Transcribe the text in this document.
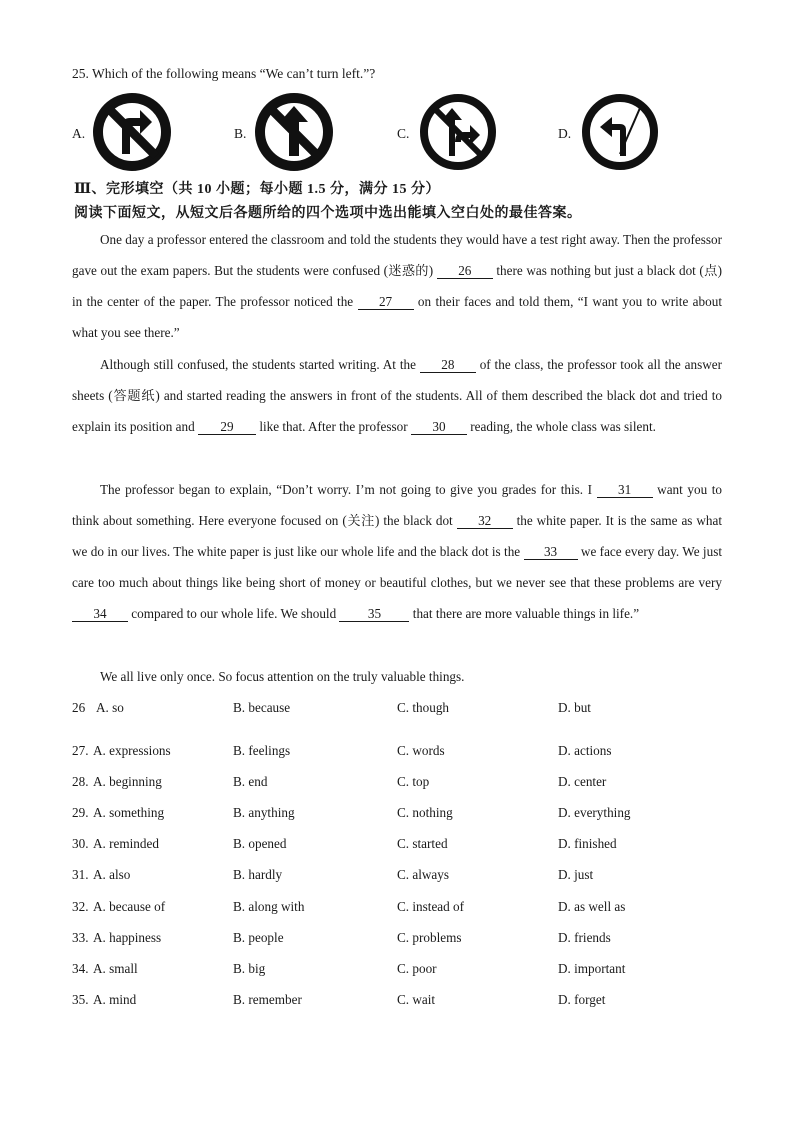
25. Which of the following means “We can’t turn left.”?
A.	B.	C.	D.
Ⅲ、完形填空（共 10 小题；每小题 1.5 分，满分 15 分）
阅读下面短文，从短文后各题所给的四个选项中选出能填入空白处的最佳答案。
One day a professor entered the classroom and told the students they would have a test right away. Then the professor gave out the exam papers. But the students were confused (迷惑的) 26 there was nothing but just a black dot (点) in the center of the paper. The professor noticed the 27 on their faces and told them, “I want you to write about what you see there.”
Although still confused, the students started writing. At the 28 of the class, the professor took all the answer sheets (答题纸) and started reading the answers in front of the students. All of them described the black dot and tried to explain its position and 29 like that. After the professor 30 reading, the whole class was silent.
The professor began to explain, “Don’t worry. I’m not going to give you grades for this. I 31 want you to think about something. Here everyone focused on (关注) the black dot 32 the white paper. It is the same as what we do in our lives. The white paper is just like our whole life and the black dot is the 33 we face every day. We just care too much about things like being short of money or beautiful clothes, but we never see that these problems are very 34 compared to our whole life. We should 35 that there are more valuable things in life.”
We all live only once. So focus attention on the truly valuable things.
26 A. so	B. because	C. though	D. but
27. A. expressions	B. feelings	C. words	D. actions
28. A. beginning	B. end	C. top	D. center
29. A. something	B. anything	C. nothing	D. everything
30. A. reminded	B. opened	C. started	D. finished
31. A. also	B. hardly	C. always	D. just
32. A. because of	B. along with	C. instead of	D. as well as
33. A. happiness	B. people	C. problems	D. friends
34. A. small	B. big	C. poor	D. important
35. A. mind	B. remember	C. wait	D. forget
